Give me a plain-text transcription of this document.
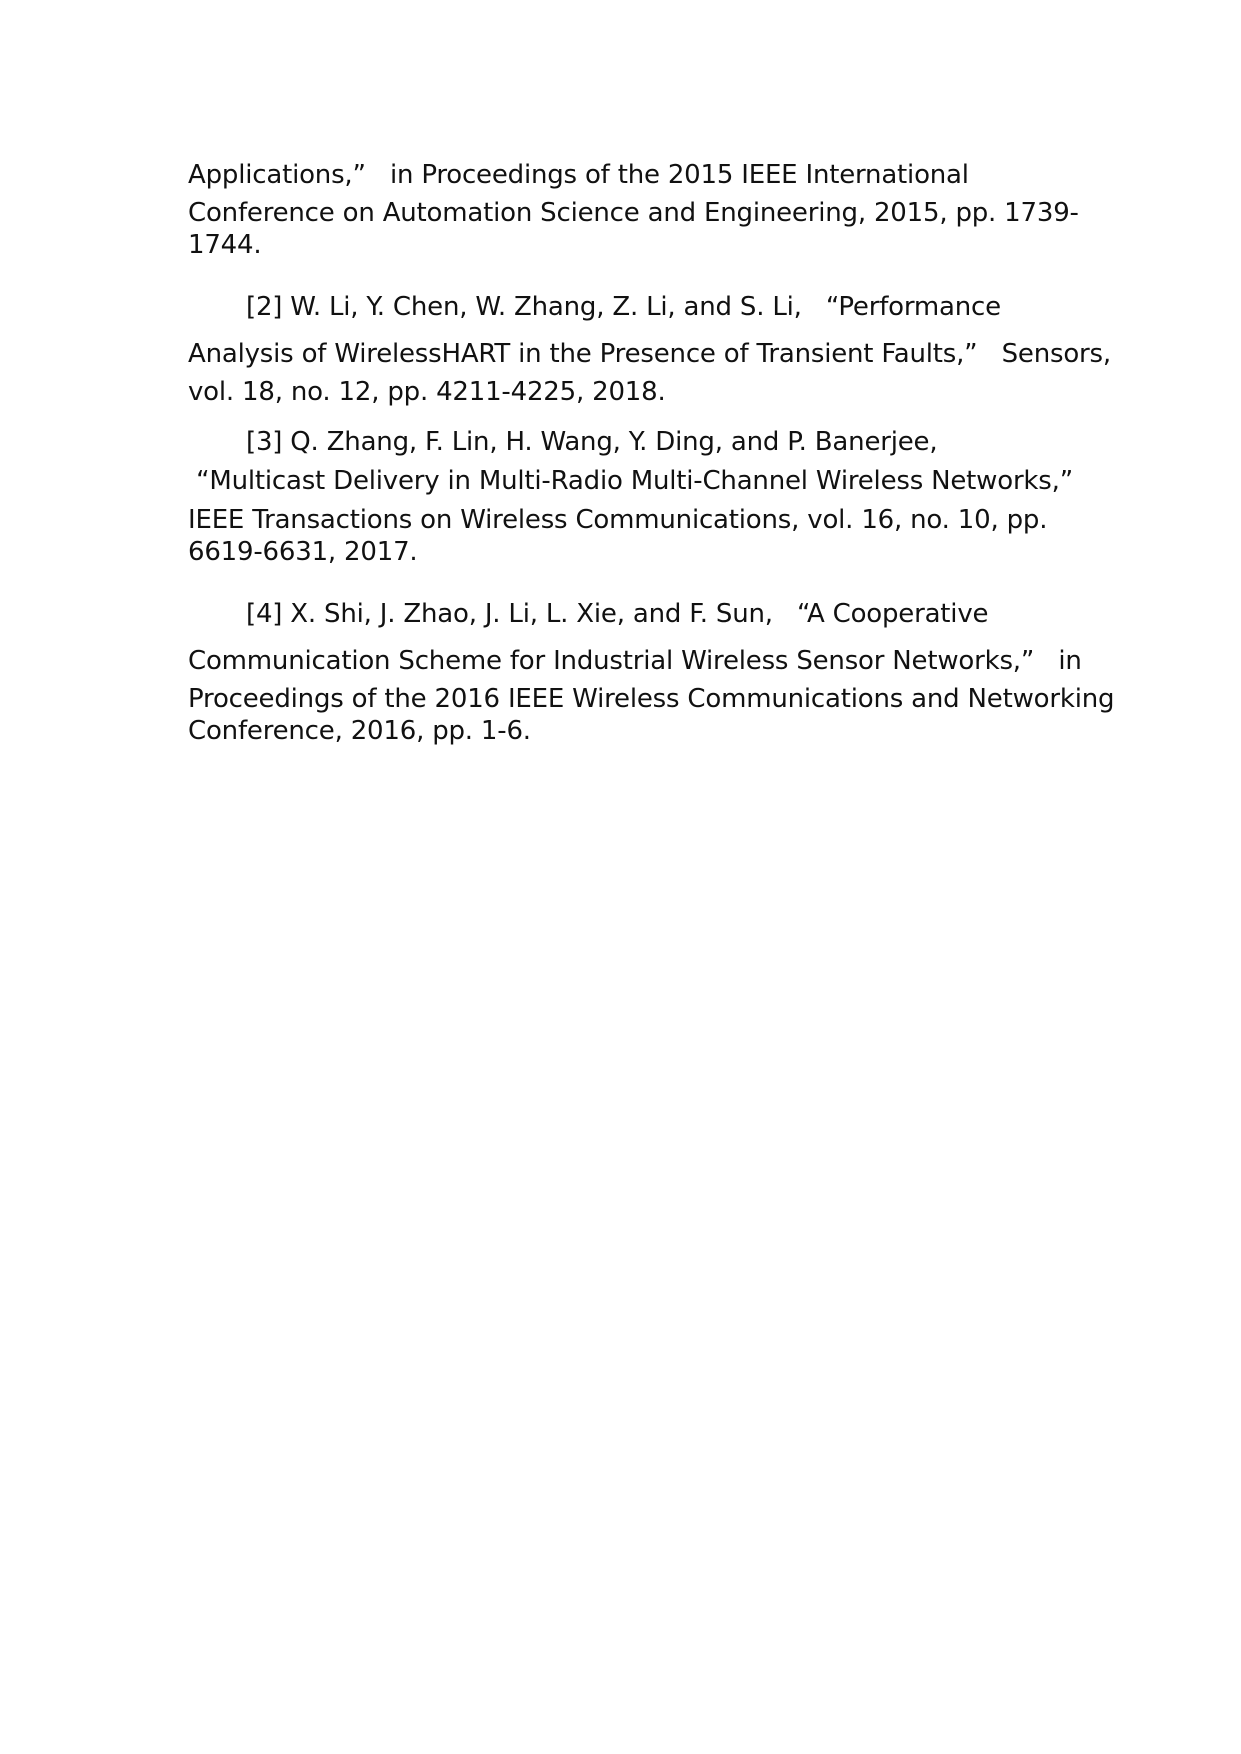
Applications,”   in Proceedings of the 2015 IEEE International
Conference on Automation Science and Engineering, 2015, pp. 1739-
1744.
[2] W. Li, Y. Chen, W. Zhang, Z. Li, and S. Li,   “Performance
Analysis of WirelessHART in the Presence of Transient Faults,”   Sensors,
vol. 18, no. 12, pp. 4211-4225, 2018.
[3] Q. Zhang, F. Lin, H. Wang, Y. Ding, and P. Banerjee,
“Multicast Delivery in Multi-Radio Multi-Channel Wireless Networks,”
IEEE Transactions on Wireless Communications, vol. 16, no. 10, pp.
6619-6631, 2017.
[4] X. Shi, J. Zhao, J. Li, L. Xie, and F. Sun,   “A Cooperative
Communication Scheme for Industrial Wireless Sensor Networks,”   in
Proceedings of the 2016 IEEE Wireless Communications and Networking
Conference, 2016, pp. 1-6.
